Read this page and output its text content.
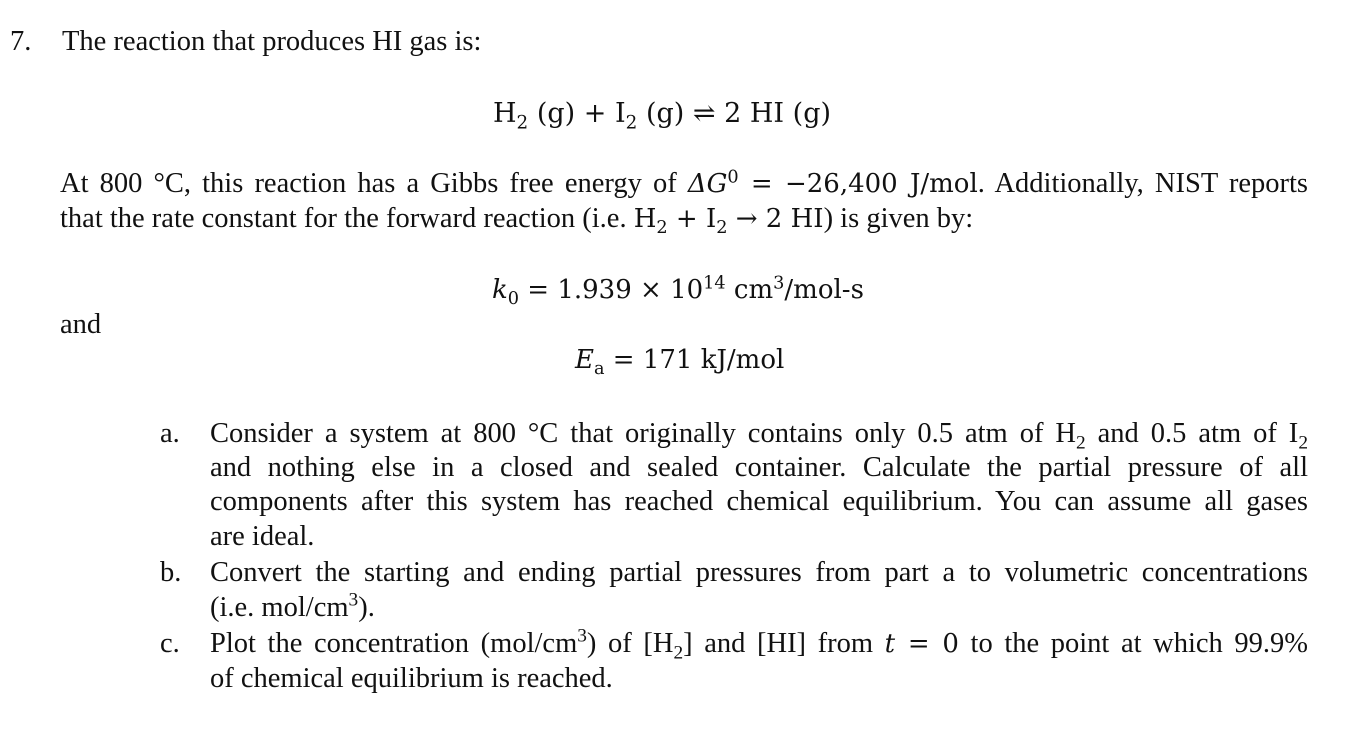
7. The reaction that produces HI gas is:
$H_2$ $(g) + I_2$ (g) ⇌ 2 HI (g)
At 800 °C, this reaction has a Gibbs free energy of $\Delta G^0 = -26,400$ J/mol. Additionally, NIST reports
that the rate constant for the forward reaction (i.e. $H_2 + I_2 \to 2$ HI) is given by:
$k_0 = 1.939 \times 10^{14}$ $cm^3/mol-s$
and
$E_a = 171$ kJ/mol
a. Consider a system at 800 °C that originally contains only 0.5 atm of $H_2$ and 0.5 atm of $I_2$
and nothing else in a closed and sealed container. Calculate the partial pressure of all
components after this system has reached chemical equilibrium. You can assume all gases
are ideal.
b. Convert the starting and ending partial pressures from part a to volumetric concentrations
(i.e. mol/$cm^3$).
c. Plot the concentration $(mol/cm^3)$ of $[H_2]$ and [HI] from t = 0 to the point at which 99.9%
of chemical equilibrium is reached.
